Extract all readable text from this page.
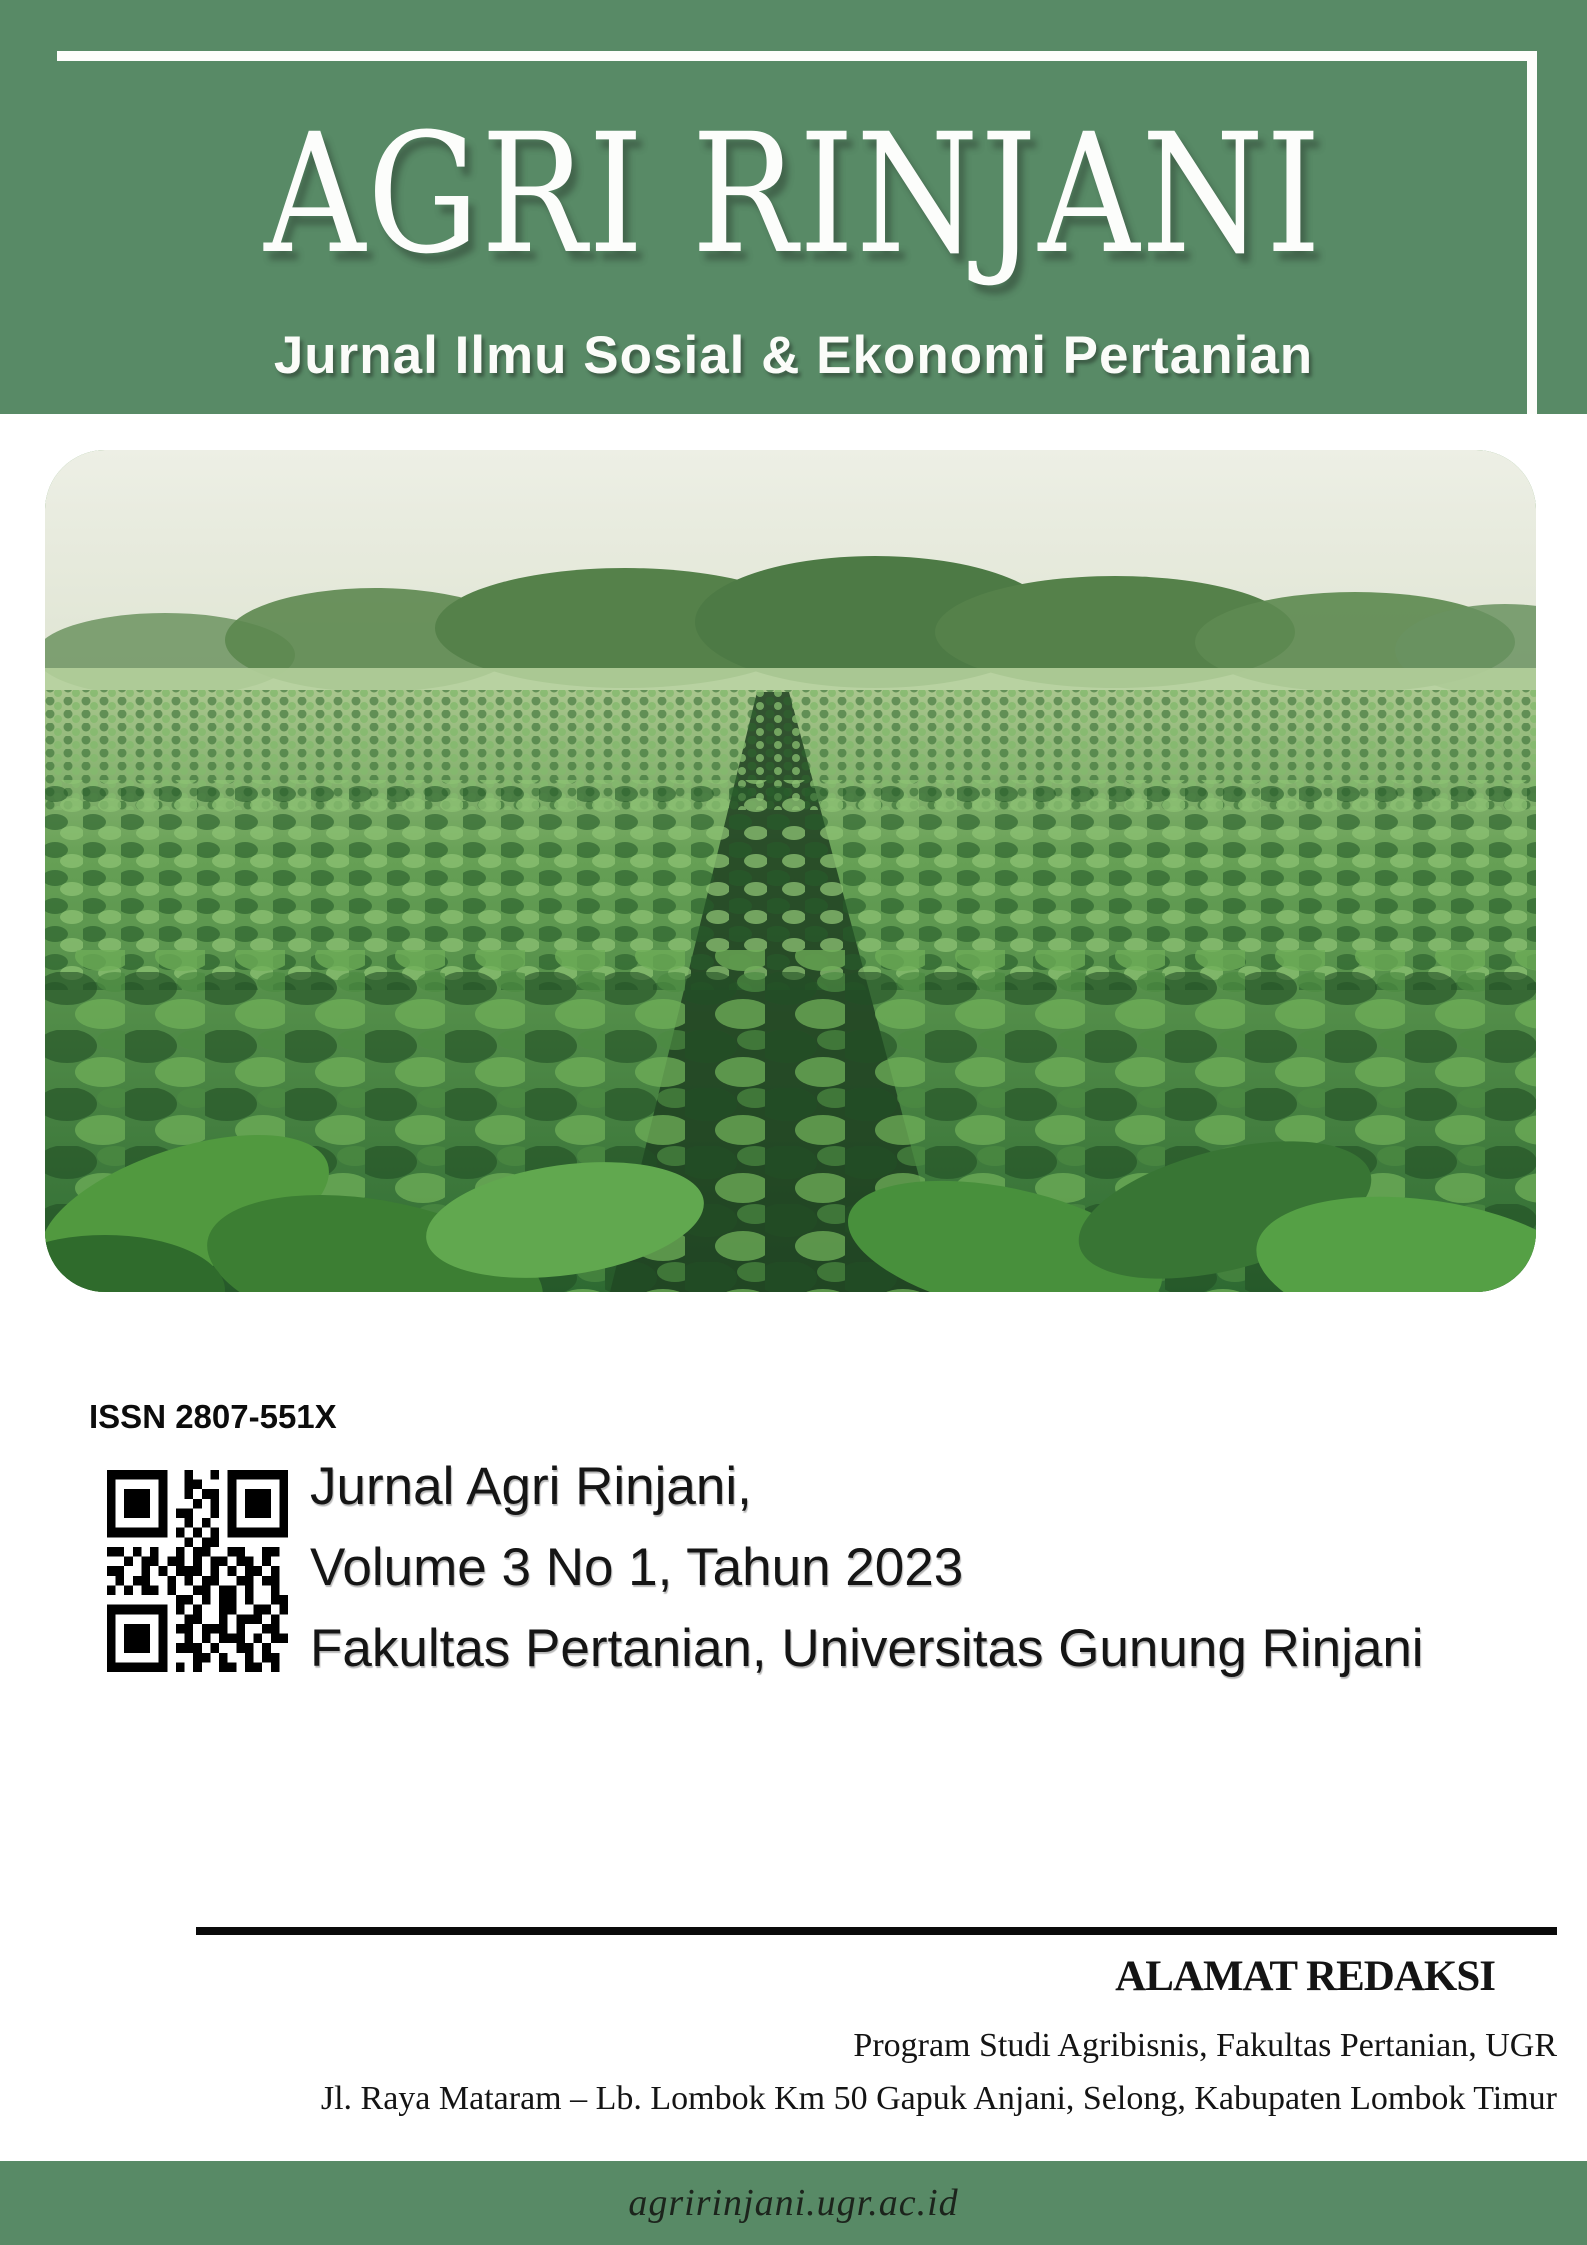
AGRI RINJANI
Jurnal Ilmu Sosial & Ekonomi Pertanian
ISSN 2807-551X
Jurnal Agri Rinjani,
Volume 3 No 1, Tahun 2023
Fakultas Pertanian, Universitas Gunung Rinjani
ALAMAT REDAKSI
Program Studi Agribisnis, Fakultas Pertanian, UGR
Jl. Raya Mataram – Lb. Lombok Km 50 Gapuk Anjani, Selong, Kabupaten Lombok Timur
agririnjani.ugr.ac.id
